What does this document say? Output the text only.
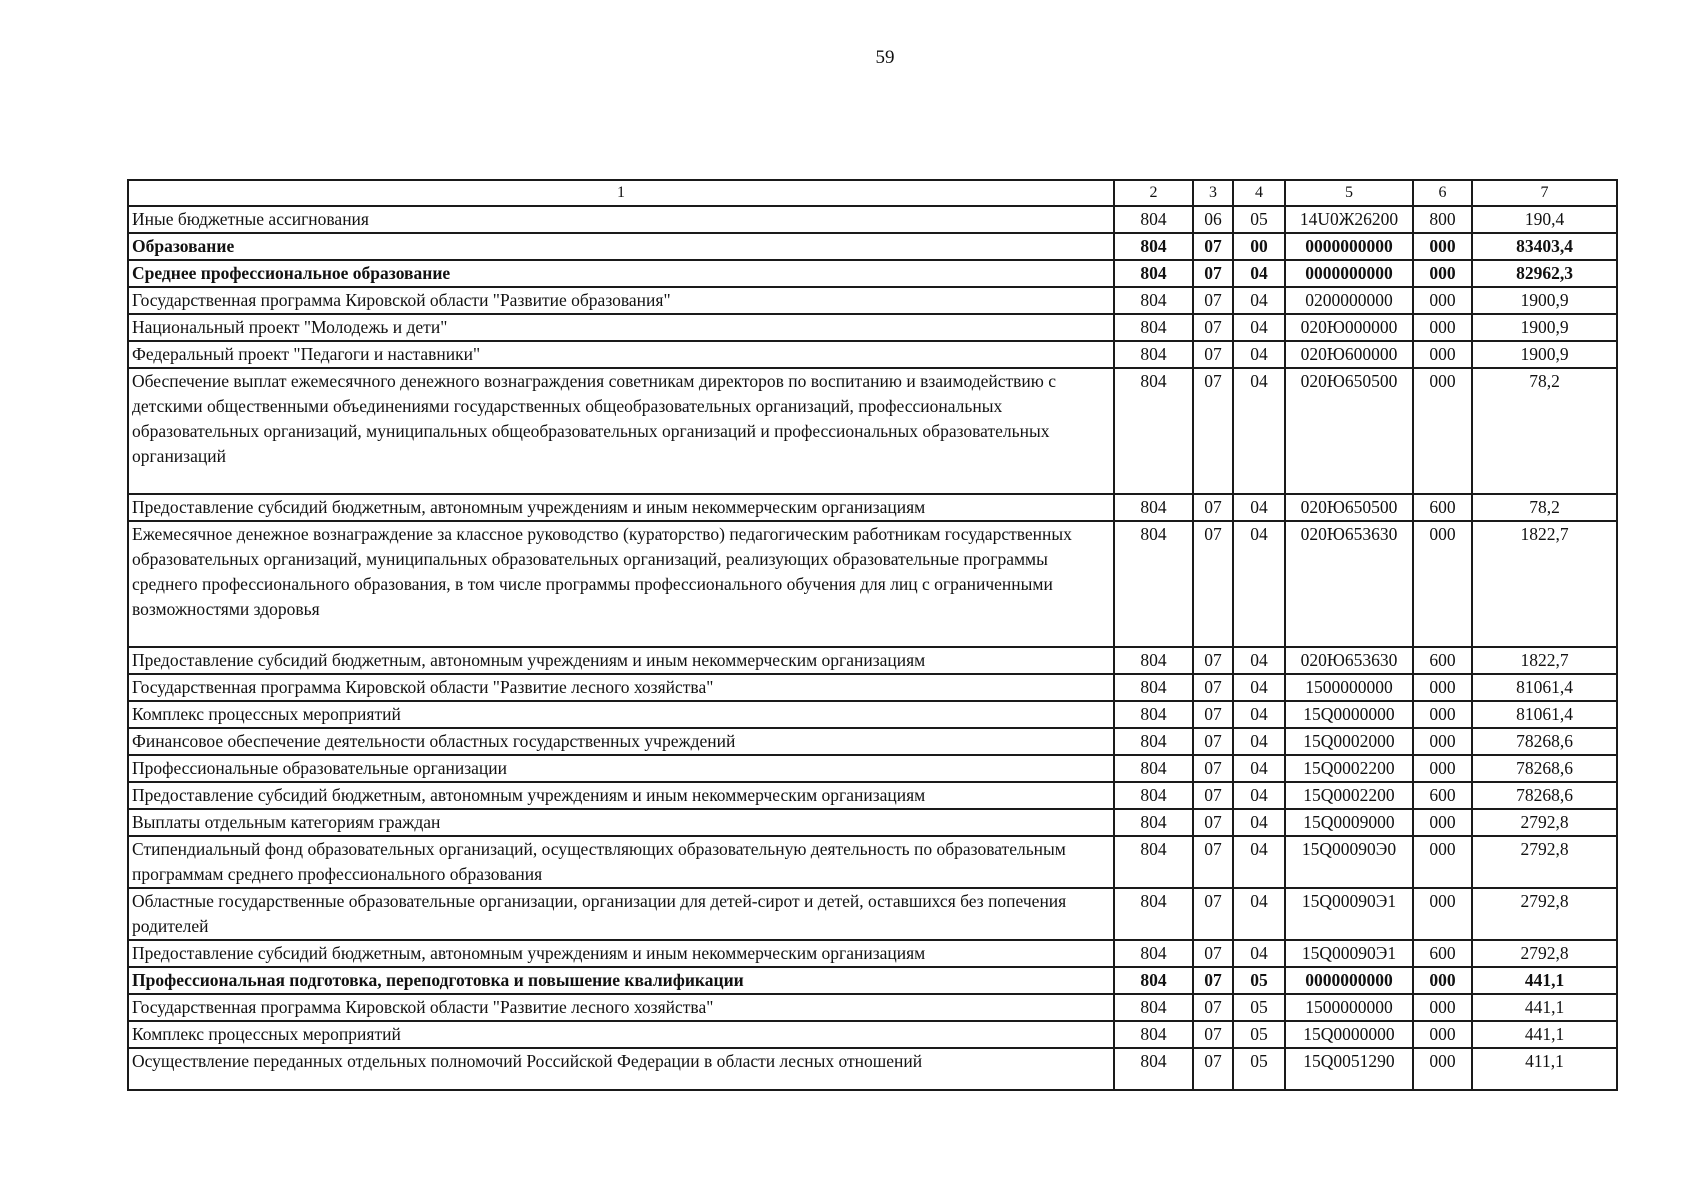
59
1	2	3	4	5	6	7
Иные бюджетные ассигнования	804	06	05	14U0Ж26200	800	190,4
Образование	804	07	00	0000000000	000	83403,4
Среднее профессиональное образование	804	07	04	0000000000	000	82962,3
Государственная программа Кировской области "Развитие образования"	804	07	04	0200000000	000	1900,9
Национальный проект "Молодежь и дети"	804	07	04	020Ю000000	000	1900,9
Федеральный проект "Педагоги и наставники"	804	07	04	020Ю600000	000	1900,9
Обеспечение выплат ежемесячного денежного вознаграждения советникам директоров по воспитанию и взаимодействию с детскими общественными объединениями государственных общеобразовательных организаций, профессиональных образовательных организаций, муниципальных общеобразовательных организаций и профессиональных образовательных организаций	804	07	04	020Ю650500	000	78,2
Предоставление субсидий бюджетным, автономным учреждениям и иным некоммерческим организациям	804	07	04	020Ю650500	600	78,2
Ежемесячное денежное вознаграждение за классное руководство (кураторство) педагогическим работникам государственных образовательных организаций, муниципальных образовательных организаций, реализующих образовательные программы среднего профессионального образования, в том числе программы профессионального обучения для лиц с ограниченными возможностями здоровья	804	07	04	020Ю653630	000	1822,7
Предоставление субсидий бюджетным, автономным учреждениям и иным некоммерческим организациям	804	07	04	020Ю653630	600	1822,7
Государственная программа Кировской области "Развитие лесного хозяйства"	804	07	04	1500000000	000	81061,4
Комплекс процессных мероприятий	804	07	04	15Q0000000	000	81061,4
Финансовое обеспечение деятельности областных государственных учреждений	804	07	04	15Q0002000	000	78268,6
Профессиональные образовательные организации	804	07	04	15Q0002200	000	78268,6
Предоставление субсидий бюджетным, автономным учреждениям и иным некоммерческим организациям	804	07	04	15Q0002200	600	78268,6
Выплаты отдельным категориям граждан	804	07	04	15Q0009000	000	2792,8
Стипендиальный фонд образовательных организаций, осуществляющих образовательную деятельность по образовательным программам среднего профессионального образования	804	07	04	15Q00090Э0	000	2792,8
Областные государственные образовательные организации, организации для детей-сирот и детей, оставшихся без попечения родителей	804	07	04	15Q00090Э1	000	2792,8
Предоставление субсидий бюджетным, автономным учреждениям и иным некоммерческим организациям	804	07	04	15Q00090Э1	600	2792,8
Профессиональная подготовка, переподготовка и повышение квалификации	804	07	05	0000000000	000	441,1
Государственная программа Кировской области "Развитие лесного хозяйства"	804	07	05	1500000000	000	441,1
Комплекс процессных мероприятий	804	07	05	15Q0000000	000	441,1
Осуществление переданных отдельных полномочий Российской Федерации в области лесных отношений	804	07	05	15Q0051290	000	411,1
